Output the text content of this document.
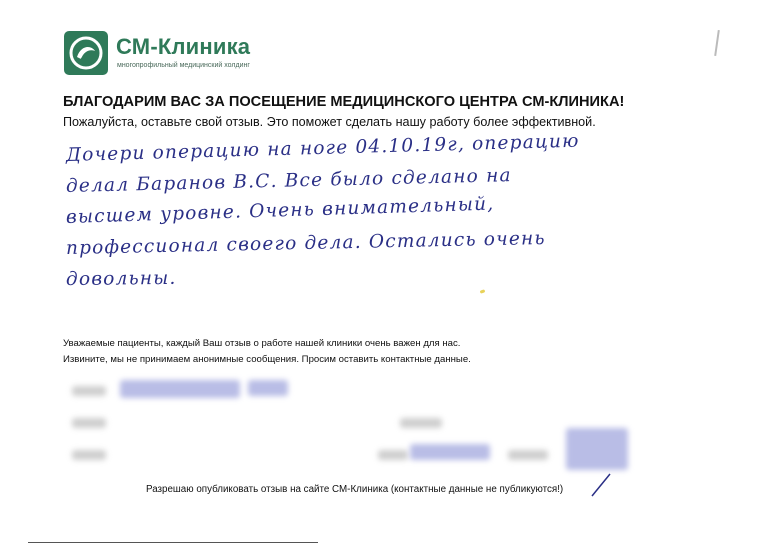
СМ-Клиника
многопрофильный медицинский холдинг
БЛАГОДАРИМ ВАС ЗА ПОСЕЩЕНИЕ МЕДИЦИНСКОГО ЦЕНТРА СМ-КЛИНИКА!
Пожалуйста, оставьте свой отзыв. Это поможет сделать нашу работу более эффективной.
Дочери операцию на ноге 04.10.19г, операцию
делал Баранов В.С. Все было сделано на
высшем уровне. Очень внимательный,
профессионал своего дела. Остались очень
довольны.
Уважаемые пациенты, каждый Ваш отзыв о работе нашей клиники очень важен для нас.
Извините, мы не принимаем анонимные сообщения. Просим оставить контактные данные.
Разрешаю опубликовать отзыв на сайте СМ-Клиника (контактные данные не публикуются!)
